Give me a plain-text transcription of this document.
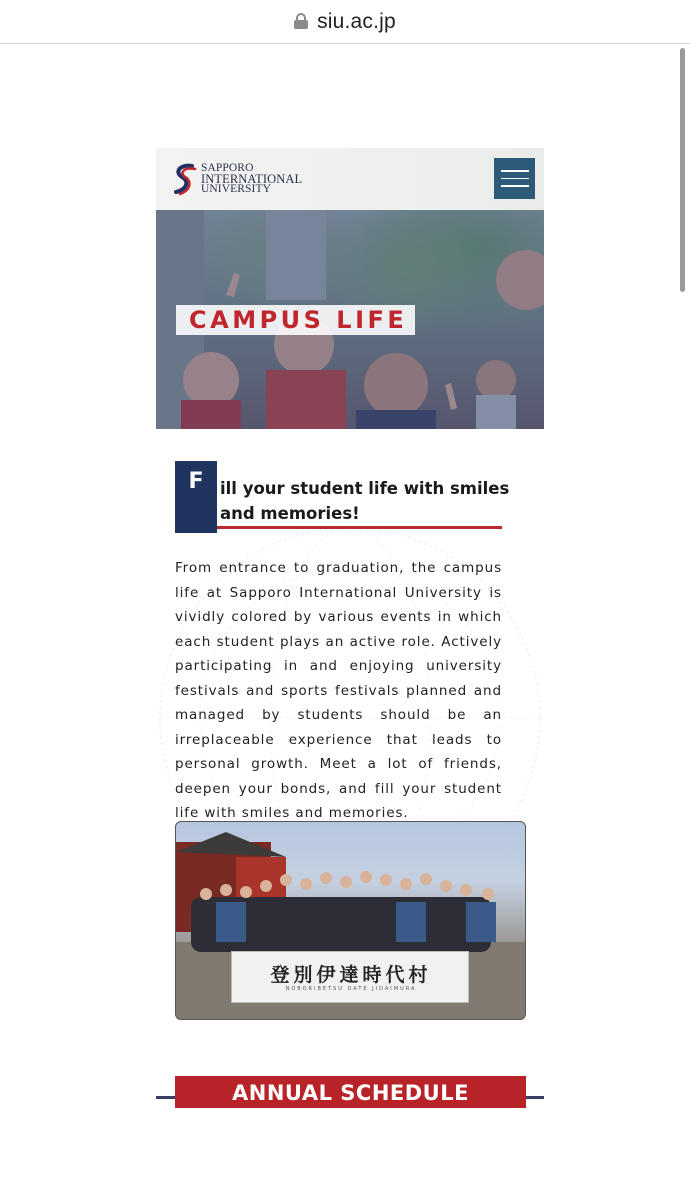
siu.ac.jp
SAPPORO
INTERNATIONAL
UNIVERSITY
CAMPUS LIFE
F ill your student life with smiles
and memories!

From entrance to graduation, the campus life at Sapporo International University is vividly colored by various events in which each student plays an active role. Actively participating in and enjoying university festivals and sports festivals planned and managed by students should be an irreplaceable experience that leads to personal growth. Meet a lot of friends, deepen your bonds, and fill your student life with smiles and memories.

登別伊達時代村
NOBORIBETSU DATE JIDAIMURA
ANNUAL SCHEDULE
